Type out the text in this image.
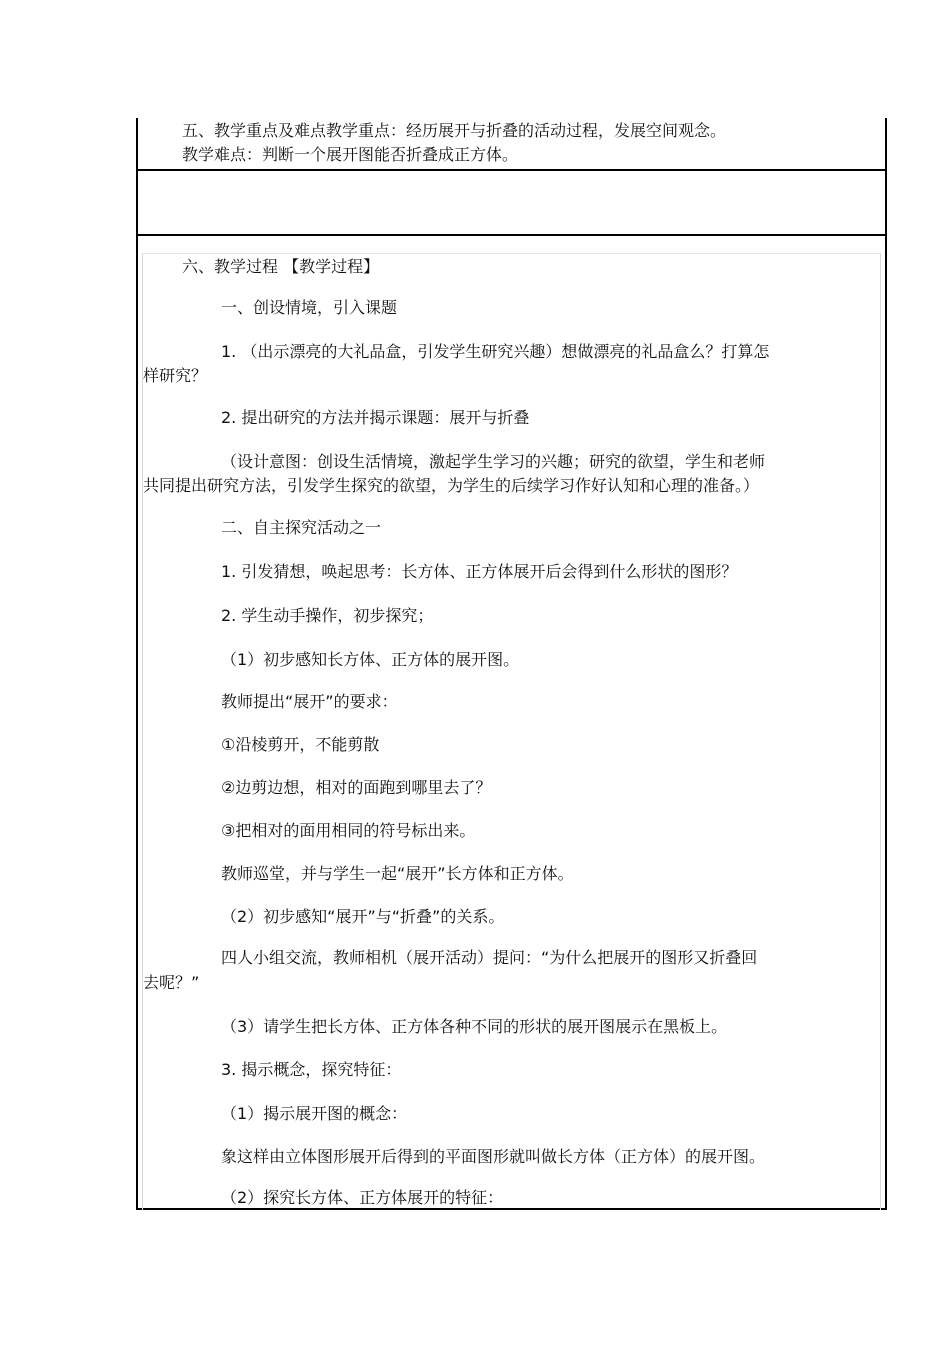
五、教学重点及难点教学重点：经历展开与折叠的活动过程，发展空间观念。
教学难点：判断一个展开图能否折叠成正方体。
六、教学过程 【教学过程】
一、创设情境，引入课题
1. （出示漂亮的大礼品盒，引发学生研究兴趣）想做漂亮的礼品盒么？打算怎
样研究？
2. 提出研究的方法并揭示课题：展开与折叠
（设计意图：创设生活情境，激起学生学习的兴趣；研究的欲望，学生和老师
共同提出研究方法，引发学生探究的欲望，为学生的后续学习作好认知和心理的准备。）
二、自主探究活动之一
1. 引发猜想，唤起思考：长方体、正方体展开后会得到什么形状的图形？
2. 学生动手操作，初步探究；
（1）初步感知长方体、正方体的展开图。
教师提出“展开”的要求：
①沿棱剪开，不能剪散
②边剪边想，相对的面跑到哪里去了？
③把相对的面用相同的符号标出来。
教师巡堂，并与学生一起“展开”长方体和正方体。
（2）初步感知“展开”与“折叠”的关系。
四人小组交流，教师相机（展开活动）提问：“为什么把展开的图形又折叠回
去呢？”
（3）请学生把长方体、正方体各种不同的形状的展开图展示在黑板上。
3. 揭示概念，探究特征：
（1）揭示展开图的概念：
象这样由立体图形展开后得到的平面图形就叫做长方体（正方体）的展开图。
（2）探究长方体、正方体展开的特征：
